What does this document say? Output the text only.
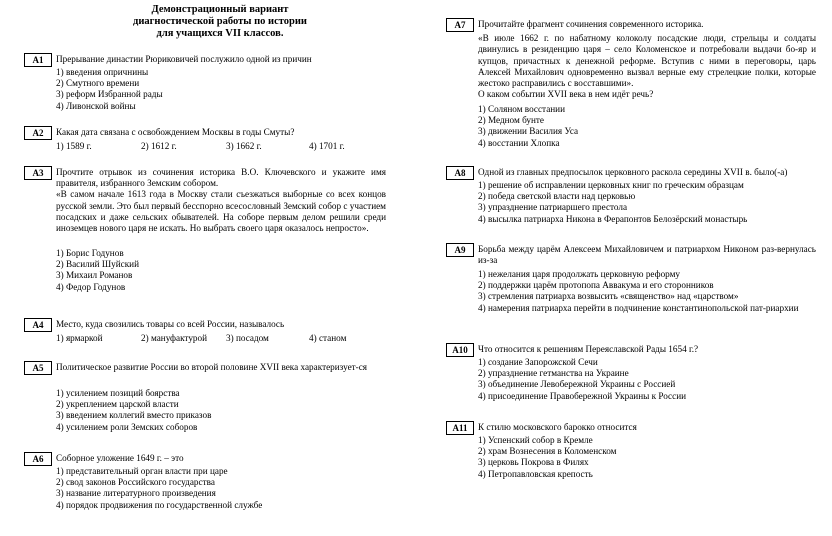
Демонстрационный вариант
диагностической работы по истории
для учащихся VII классов.
A1	Прерывание династии Рюриковичей послужило одной из причин
1) введения опричнины
2) Смутного времени
3) реформ Избранной рады
4) Ливонской войны
A2	Какая дата связана с освобождением Москвы в годы Смуты?
1) 1589 г.	2) 1612 г.	3) 1662 г.	4) 1701 г.
A3	Прочтите отрывок из сочинения историка В.О. Ключевского и укажите имя правителя, избранного Земским собором.
«В самом начале 1613 года в Москву стали съезжаться выборные со всех концов русской земли. Это был первый бесспорно всесословный Земский собор с участием посадских и даже сельских обывателей. На соборе первым делом решили среди иноземцев нового царя не искать. Но выбрать своего царя оказалось непросто».
1) Борис Годунов
2) Василий Шуйский
3) Михаил Романов
4) Федор Годунов
A4	Место, куда свозились товары со всей России, называлось
1) ярмаркой	2) мануфактурой 3) посадом	4) станом
A5	Политическое развитие России во второй половине XVII века характеризует-ся
1) усилением позиций боярства
2) укреплением царской власти
3) введением коллегий вместо приказов
4) усилением роли Земских соборов
A6	Соборное уложение 1649 г. – это
1) представительный орган власти при царе
2) свод законов Российского государства
3) название литературного произведения
4) порядок продвижения по государственной службе
A7	Прочитайте фрагмент сочинения современного историка.
«В июле 1662 г. по набатному колоколу посадские люди, стрельцы и солдаты двинулись в резиденцию царя – село Коломенское и потребовали выдачи бо-яр и купцов, причастных к денежной реформе. Вступив с ними в переговоры, царь Алексей Михайлович одновременно вызвал верные ему стрелецкие полки, которые жестоко расправились с восставшими».
О каком событии XVII века в нем идёт речь?
1) Соляном восстании
2) Медном бунте
3) движении Василия Уса
4) восстании Хлопка
A8	Одной из главных предпосылок церковного раскола середины XVII в. было(-а)
1) решение об исправлении церковных книг по греческим образцам
2) победа светской власти над церковью
3) упразднение патриаршего престола
4) высылка патриарха Никона в Ферапонтов Белозёрский монастырь
A9	Борьба между царём Алексеем Михайловичем и патриархом Никоном раз-вернулась из-за
1) нежелания царя продолжать церковную реформу
2) поддержки царём протопопа Аввакума и его сторонников
3) стремления патриарха возвысить «священство» над «царством»
4) намерения патриарха перейти в подчинение константинопольской пат-риархии
A10	Что относится к решениям Переяславской Рады 1654 г.?
1) создание Запорожской Сечи
2) упразднение гетманства на Украине
3) объединение Левобережной Украины с Россией
4) присоединение Правобережной Украины к России
A11	К стилю московского барокко относится
1) Успенский собор в Кремле
2) храм Вознесения в Коломенском
3) церковь Покрова в Филях
4) Петропавловская крепость
